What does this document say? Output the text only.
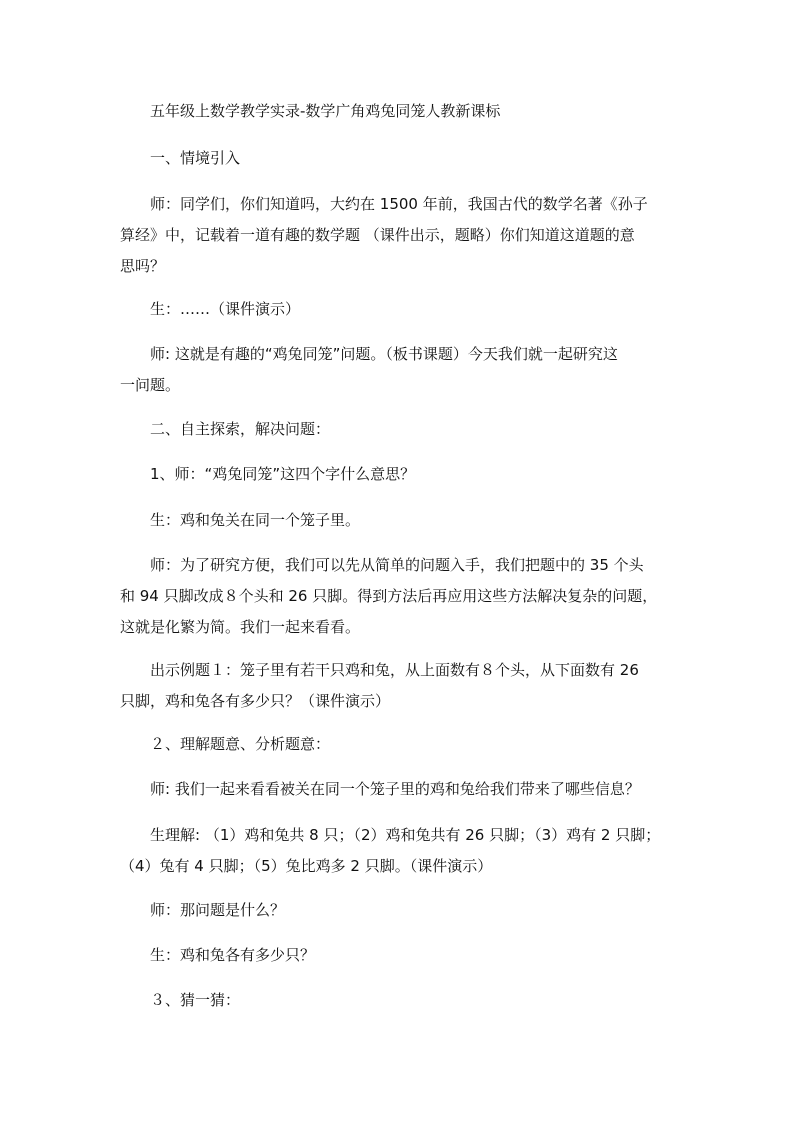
五年级上数学教学实录-数学广角鸡兔同笼人教新课标

一、情境引入

师：同学们，你们知道吗，大约在 1500 年前，我国古代的数学名著《孙子
算经》中，记载着一道有趣的数学题 （课件出示，题略）你们知道这道题的意
思吗？

生：……（课件演示）

师: 这就是有趣的“鸡兔同笼”问题。（板书课题）今天我们就一起研究这
一问题。

二、自主探索，解决问题：

1、师：“鸡兔同笼”这四个字什么意思？

生：鸡和兔关在同一个笼子里。

师：为了研究方便，我们可以先从简单的问题入手，我们把题中的 35 个头
和 94 只脚改成８个头和 26 只脚。得到方法后再应用这些方法解决复杂的问题，
这就是化繁为简。我们一起来看看。

出示例题１：笼子里有若干只鸡和兔，从上面数有８个头，从下面数有 26
只脚，鸡和兔各有多少只？（课件演示）

２、理解题意、分析题意：

师: 我们一起来看看被关在同一个笼子里的鸡和兔给我们带来了哪些信息？

生理解: （1）鸡和兔共 8 只；（2）鸡和兔共有 26 只脚；（3）鸡有 2 只脚；
（4）兔有 4 只脚；（5）兔比鸡多 2 只脚。（课件演示）

师：那问题是什么？

生：鸡和兔各有多少只？

３、猜一猜：
